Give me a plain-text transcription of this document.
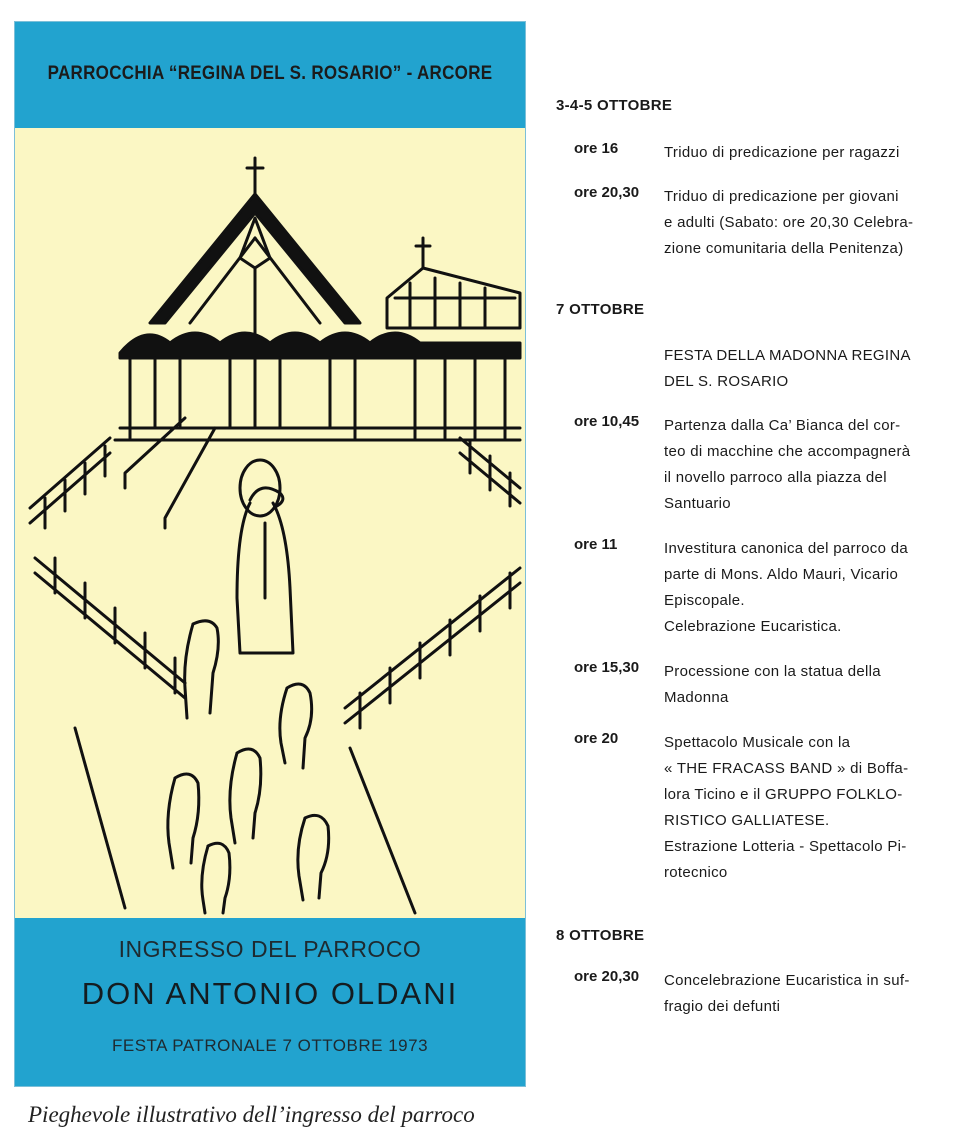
PARROCCHIA “REGINA DEL S. ROSARIO” - ARCORE
INGRESSO DEL PARROCO
DON ANTONIO OLDANI
FESTA PATRONALE 7 OTTOBRE 1973
Pieghevole illustrativo dell’ingresso del parroco
3-4-5 OTTOBRE
ore 16	Triduo di predicazione per ragazzi
ore 20,30	Triduo di predicazione per giovani
e adulti (Sabato: ore 20,30 Celebra-
zione comunitaria della Penitenza)
7 OTTOBRE
FESTA DELLA MADONNA REGINA
DEL S. ROSARIO
ore 10,45	Partenza dalla Ca’ Bianca del cor-
teo di macchine che accompagnerà
il novello parroco alla piazza del
Santuario
ore 11	Investitura canonica del parroco da
parte di Mons. Aldo Mauri, Vicario
Episcopale.
Celebrazione Eucaristica.
ore 15,30	Processione con la statua della
Madonna
ore 20	Spettacolo Musicale con la
« THE FRACASS BAND » di Boffa-
lora Ticino e il GRUPPO FOLKLO-
RISTICO GALLIATESE.
Estrazione Lotteria - Spettacolo Pi-
rotecnico
8 OTTOBRE
ore 20,30	Concelebrazione Eucaristica in suf-
fragio dei defunti
